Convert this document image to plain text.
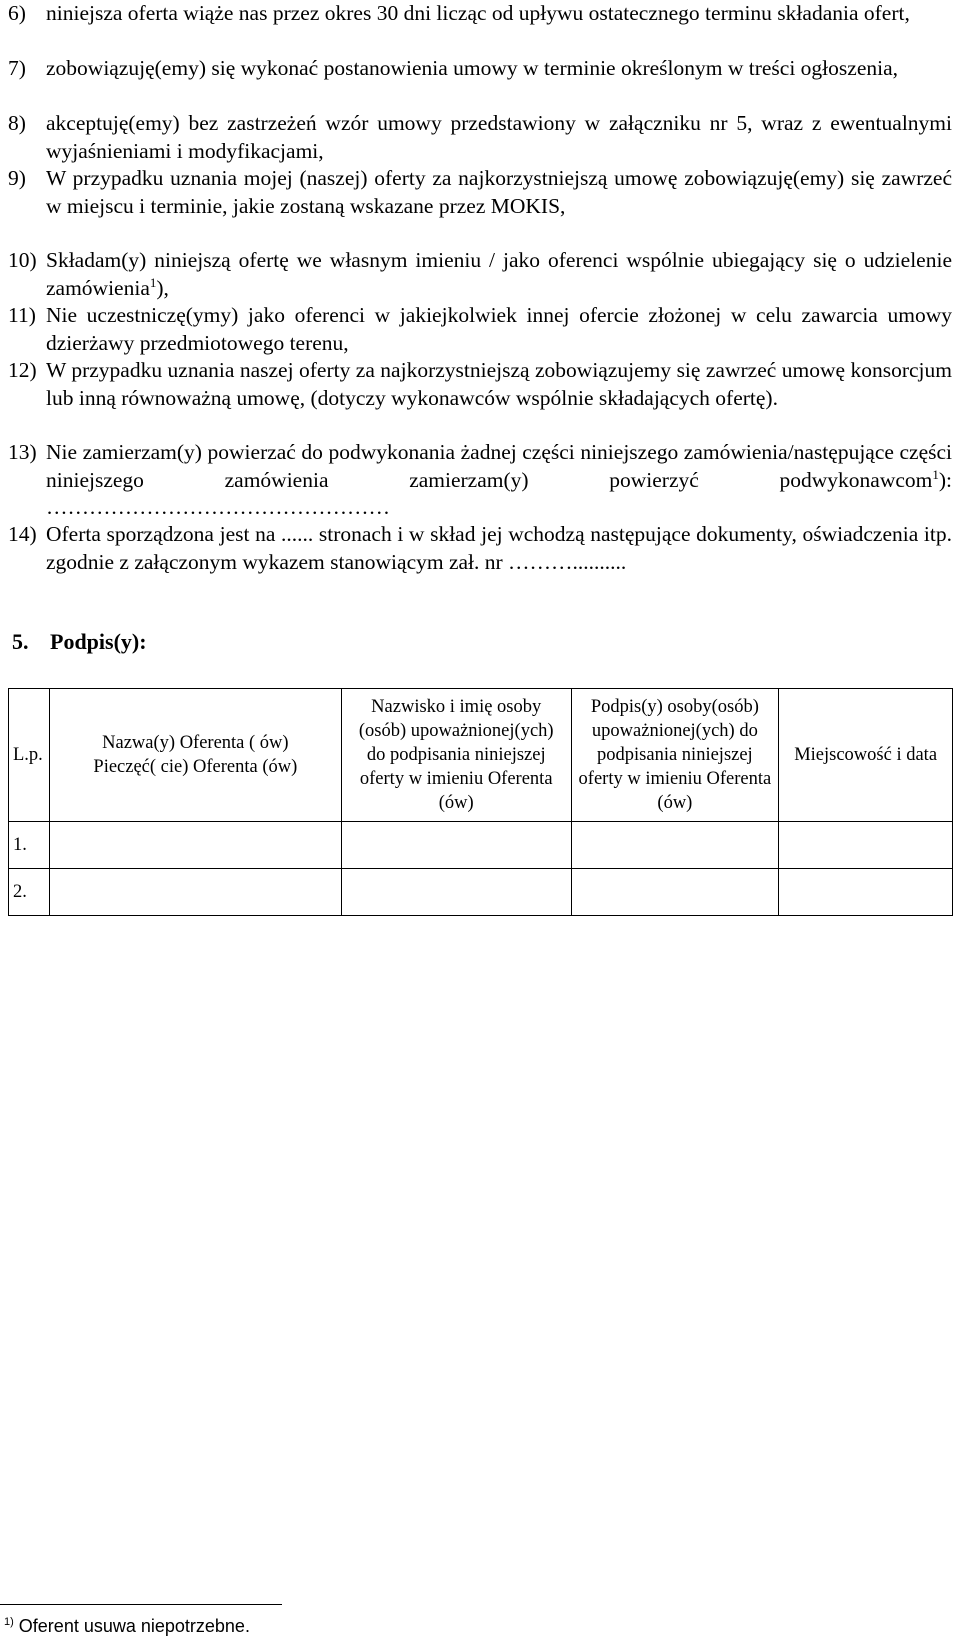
6) niniejsza oferta wiąże nas przez okres 30 dni licząc od upływu ostatecznego terminu składania ofert,
7) zobowiązuję(emy) się wykonać postanowienia umowy w terminie określonym w treści ogłoszenia,
8) akceptuję(emy) bez zastrzeżeń wzór umowy przedstawiony w załączniku nr 5, wraz z ewentualnymi wyjaśnieniami i modyfikacjami,
9) W przypadku uznania mojej (naszej) oferty za najkorzystniejszą umowę zobowiązuję(emy) się zawrzeć w miejscu i terminie, jakie zostaną wskazane przez MOKIS,
10) Składam(y) niniejszą ofertę we własnym imieniu / jako oferenci wspólnie ubiegający się o udzielenie zamówienia$^1$),
11) Nie uczestniczę(ymy) jako oferenci w jakiejkolwiek innej ofercie złożonej w celu zawarcia umowy dzierżawy przedmiotowego terenu,
12) W przypadku uznania naszej oferty za najkorzystniejszą zobowiązujemy się zawrzeć umowę konsorcjum lub inną równoważną umowę, (dotyczy wykonawców wspólnie składających ofertę).
13) Nie zamierzam(y) powierzać do podwykonania żadnej części niniejszego zamówienia/następujące części niniejszego zamówienia zamierzam(y) powierzyć podwykonawcom$^1$): …………………………………………
14) Oferta sporządzona jest na ...... stronach i w skład jej wchodzą następujące dokumenty, oświadczenia itp. zgodnie z załączonym wykazem stanowiącym zał. nr ………..........
5. Podpis(y):
L.p.	Nazwa(y) Oferenta ( ów) Pieczęć( cie) Oferenta (ów)	Nazwisko i imię osoby (osób) upoważnionej(ych) do podpisania niniejszej oferty w imieniu Oferenta (ów)	Podpis(y) osoby(osób) upoważnionej(ych) do podpisania niniejszej oferty w imieniu Oferenta (ów)	Miejscowość i data
1.				
2.				
$^{1)}$ Oferent usuwa niepotrzebne.
